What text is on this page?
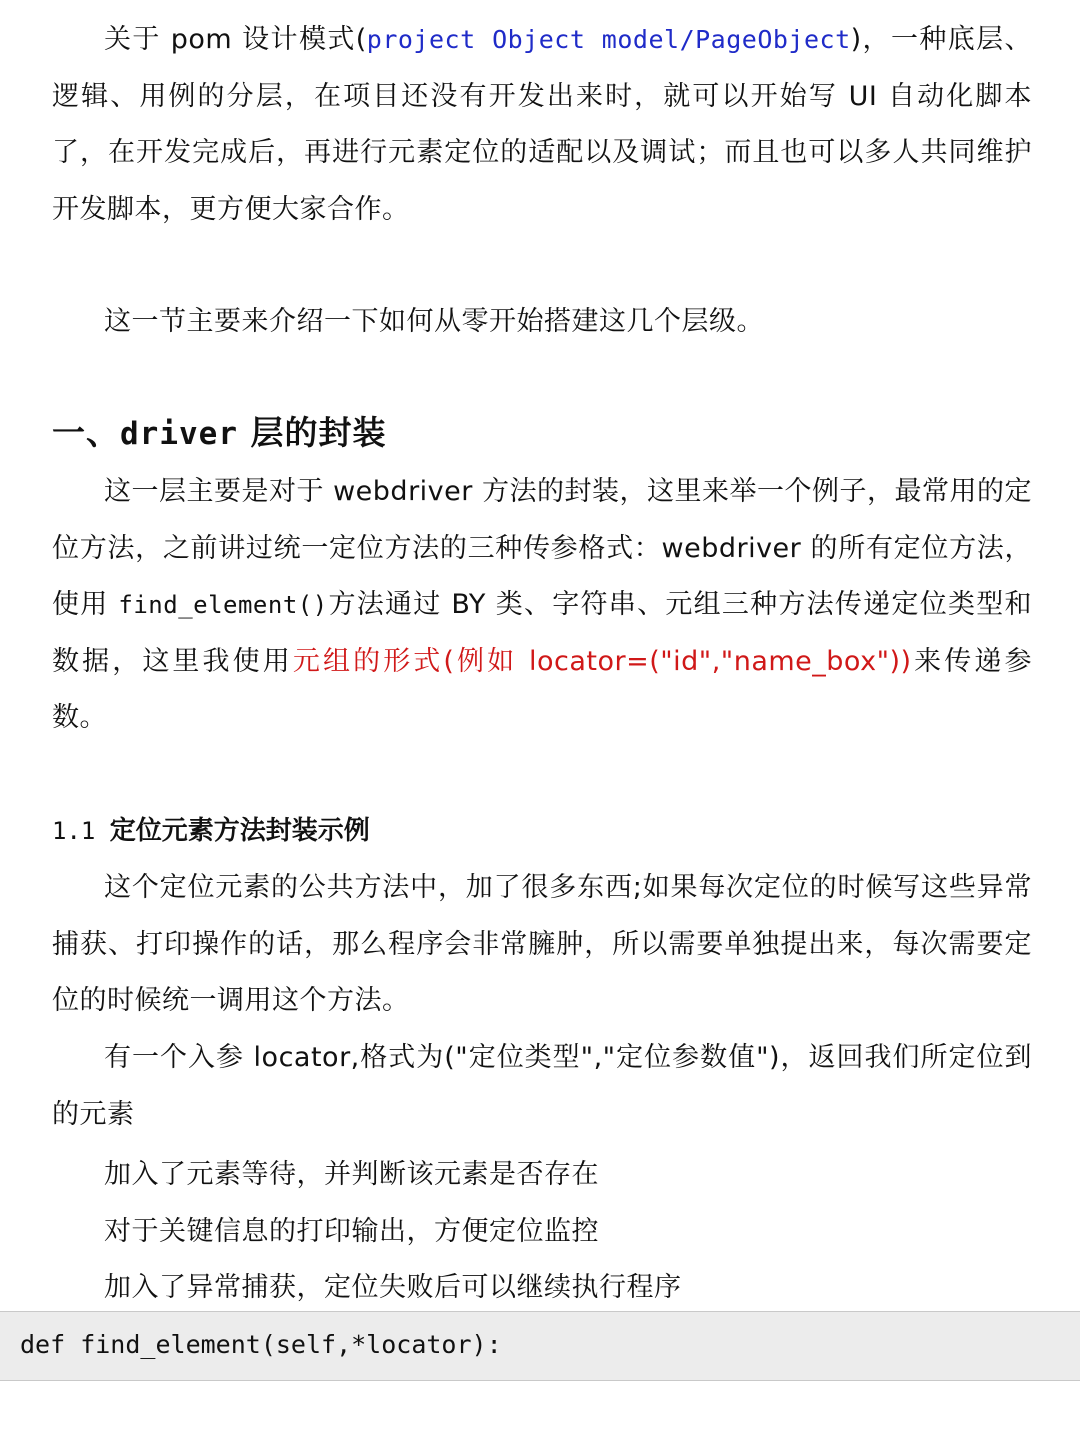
关于 pom 设计模式(project Object model/PageObject)，一种底层、逻辑、用例的分层，在项目还没有开发出来时，就可以开始写 UI 自动化脚本了，在开发完成后，再进行元素定位的适配以及调试；而且也可以多人共同维护开发脚本，更方便大家合作。

这一节主要来介绍一下如何从零开始搭建这几个层级。

一、driver 层的封装

这一层主要是对于 webdriver 方法的封装，这里来举一个例子，最常用的定位方法，之前讲过统一定位方法的三种传参格式：webdriver 的所有定位方法，使用 find_element()方法通过 BY 类、字符串、元组三种方法传递定位类型和数据，这里我使用元组的形式(例如 locator=("id","name_box"))来传递参数。

1.1 定位元素方法封装示例

这个定位元素的公共方法中，加了很多东西;如果每次定位的时候写这些异常捕获、打印操作的话，那么程序会非常臃肿，所以需要单独提出来，每次需要定位的时候统一调用这个方法。

有一个入参 locator,格式为("定位类型","定位参数值")，返回我们所定位到的元素

加入了元素等待，并判断该元素是否存在

对于关键信息的打印输出，方便定位监控

加入了异常捕获，定位失败后可以继续执行程序

def find_element(self,*locator):
